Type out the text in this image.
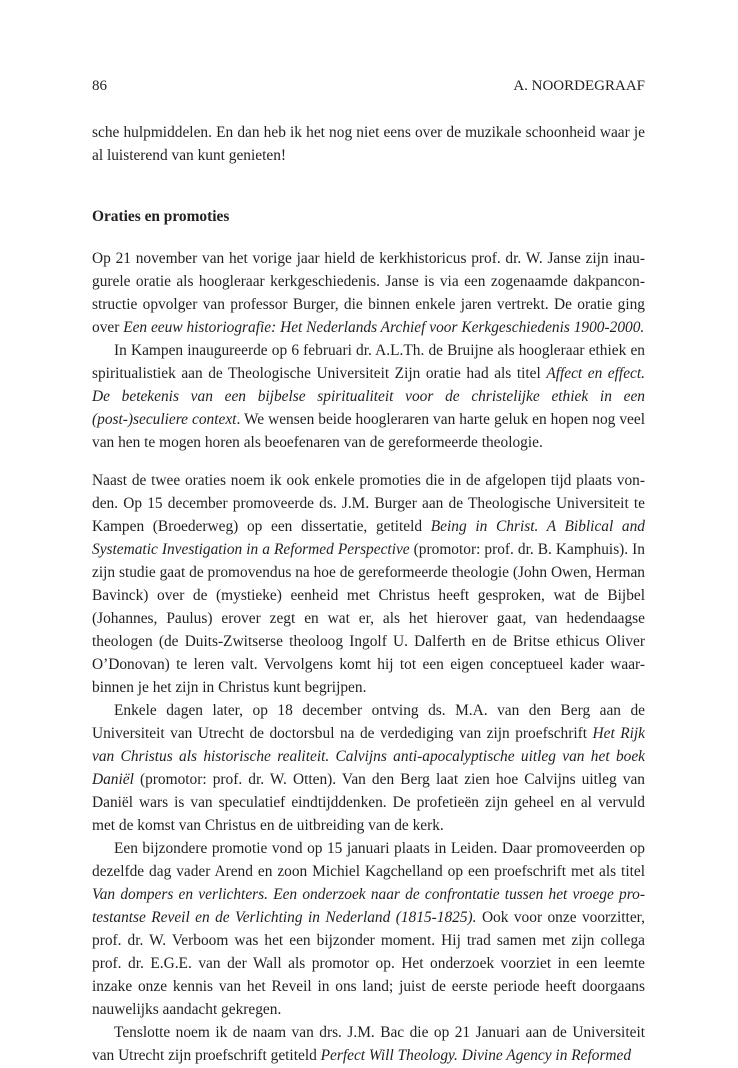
86	A. NOORDEGRAAF

sche hulpmiddelen. En dan heb ik het nog niet eens over de muzikale schoonheid waar je al luisterend van kunt genieten!

Oraties en promoties

Op 21 november van het vorige jaar hield de kerkhistoricus prof. dr. W. Janse zijn inau-gurele oratie als hoogleraar kerkgeschiedenis. Janse is via een zogenaamde dakpancon-structie opvolger van professor Burger, die binnen enkele jaren vertrekt. De oratie ging over Een eeuw historiografie: Het Nederlands Archief voor Kerkgeschiedenis 1900-2000.

In Kampen inaugureerde op 6 februari dr. A.L.Th. de Bruijne als hoogleraar ethiek en spiritualistiek aan de Theologische Universiteit Zijn oratie had als titel Affect en effect. De betekenis van een bijbelse spiritualiteit voor de christelijke ethiek in een (post-)seculiere context. We wensen beide hoogleraren van harte geluk en hopen nog veel van hen te mogen horen als beoefenaren van de gereformeerde theologie.

Naast de twee oraties noem ik ook enkele promoties die in de afgelopen tijd plaats von-den. Op 15 december promoveerde ds. J.M. Burger aan de Theologische Universiteit te Kampen (Broederweg) op een dissertatie, getiteld Being in Christ. A Biblical and Systematic Investigation in a Reformed Perspective (promotor: prof. dr. B. Kamphuis). In zijn studie gaat de promovendus na hoe de gereformeerde theologie (John Owen, Herman Bavinck) over de (mystieke) eenheid met Christus heeft gesproken, wat de Bijbel (Johannes, Paulus) erover zegt en wat er, als het hierover gaat, van hedendaagse theologen (de Duits-Zwitserse theoloog Ingolf U. Dalferth en de Britse ethicus Oliver O’Donovan) te leren valt. Vervolgens komt hij tot een eigen conceptueel kader waar-binnen je het zijn in Christus kunt begrijpen.

Enkele dagen later, op 18 december ontving ds. M.A. van den Berg aan de Universiteit van Utrecht de doctorsbul na de verdediging van zijn proefschrift Het Rijk van Christus als historische realiteit. Calvijns anti-apocalyptische uitleg van het boek Daniël (promotor: prof. dr. W. Otten). Van den Berg laat zien hoe Calvijns uitleg van Daniël wars is van speculatief eindtijddenken. De profetieën zijn geheel en al vervuld met de komst van Christus en de uitbreiding van de kerk.

Een bijzondere promotie vond op 15 januari plaats in Leiden. Daar promoveerden op dezelfde dag vader Arend en zoon Michiel Kagchelland op een proefschrift met als titel Van dompers en verlichters. Een onderzoek naar de confrontatie tussen het vroege pro-testantse Reveil en de Verlichting in Nederland (1815-1825). Ook voor onze voorzitter, prof. dr. W. Verboom was het een bijzonder moment. Hij trad samen met zijn collega prof. dr. E.G.E. van der Wall als promotor op. Het onderzoek voorziet in een leemte inzake onze kennis van het Reveil in ons land; juist de eerste periode heeft doorgaans nauwelijks aandacht gekregen.

Tenslotte noem ik de naam van drs. J.M. Bac die op 21 Januari aan de Universiteit van Utrecht zijn proefschrift getiteld Perfect Will Theology. Divine Agency in Reformed
